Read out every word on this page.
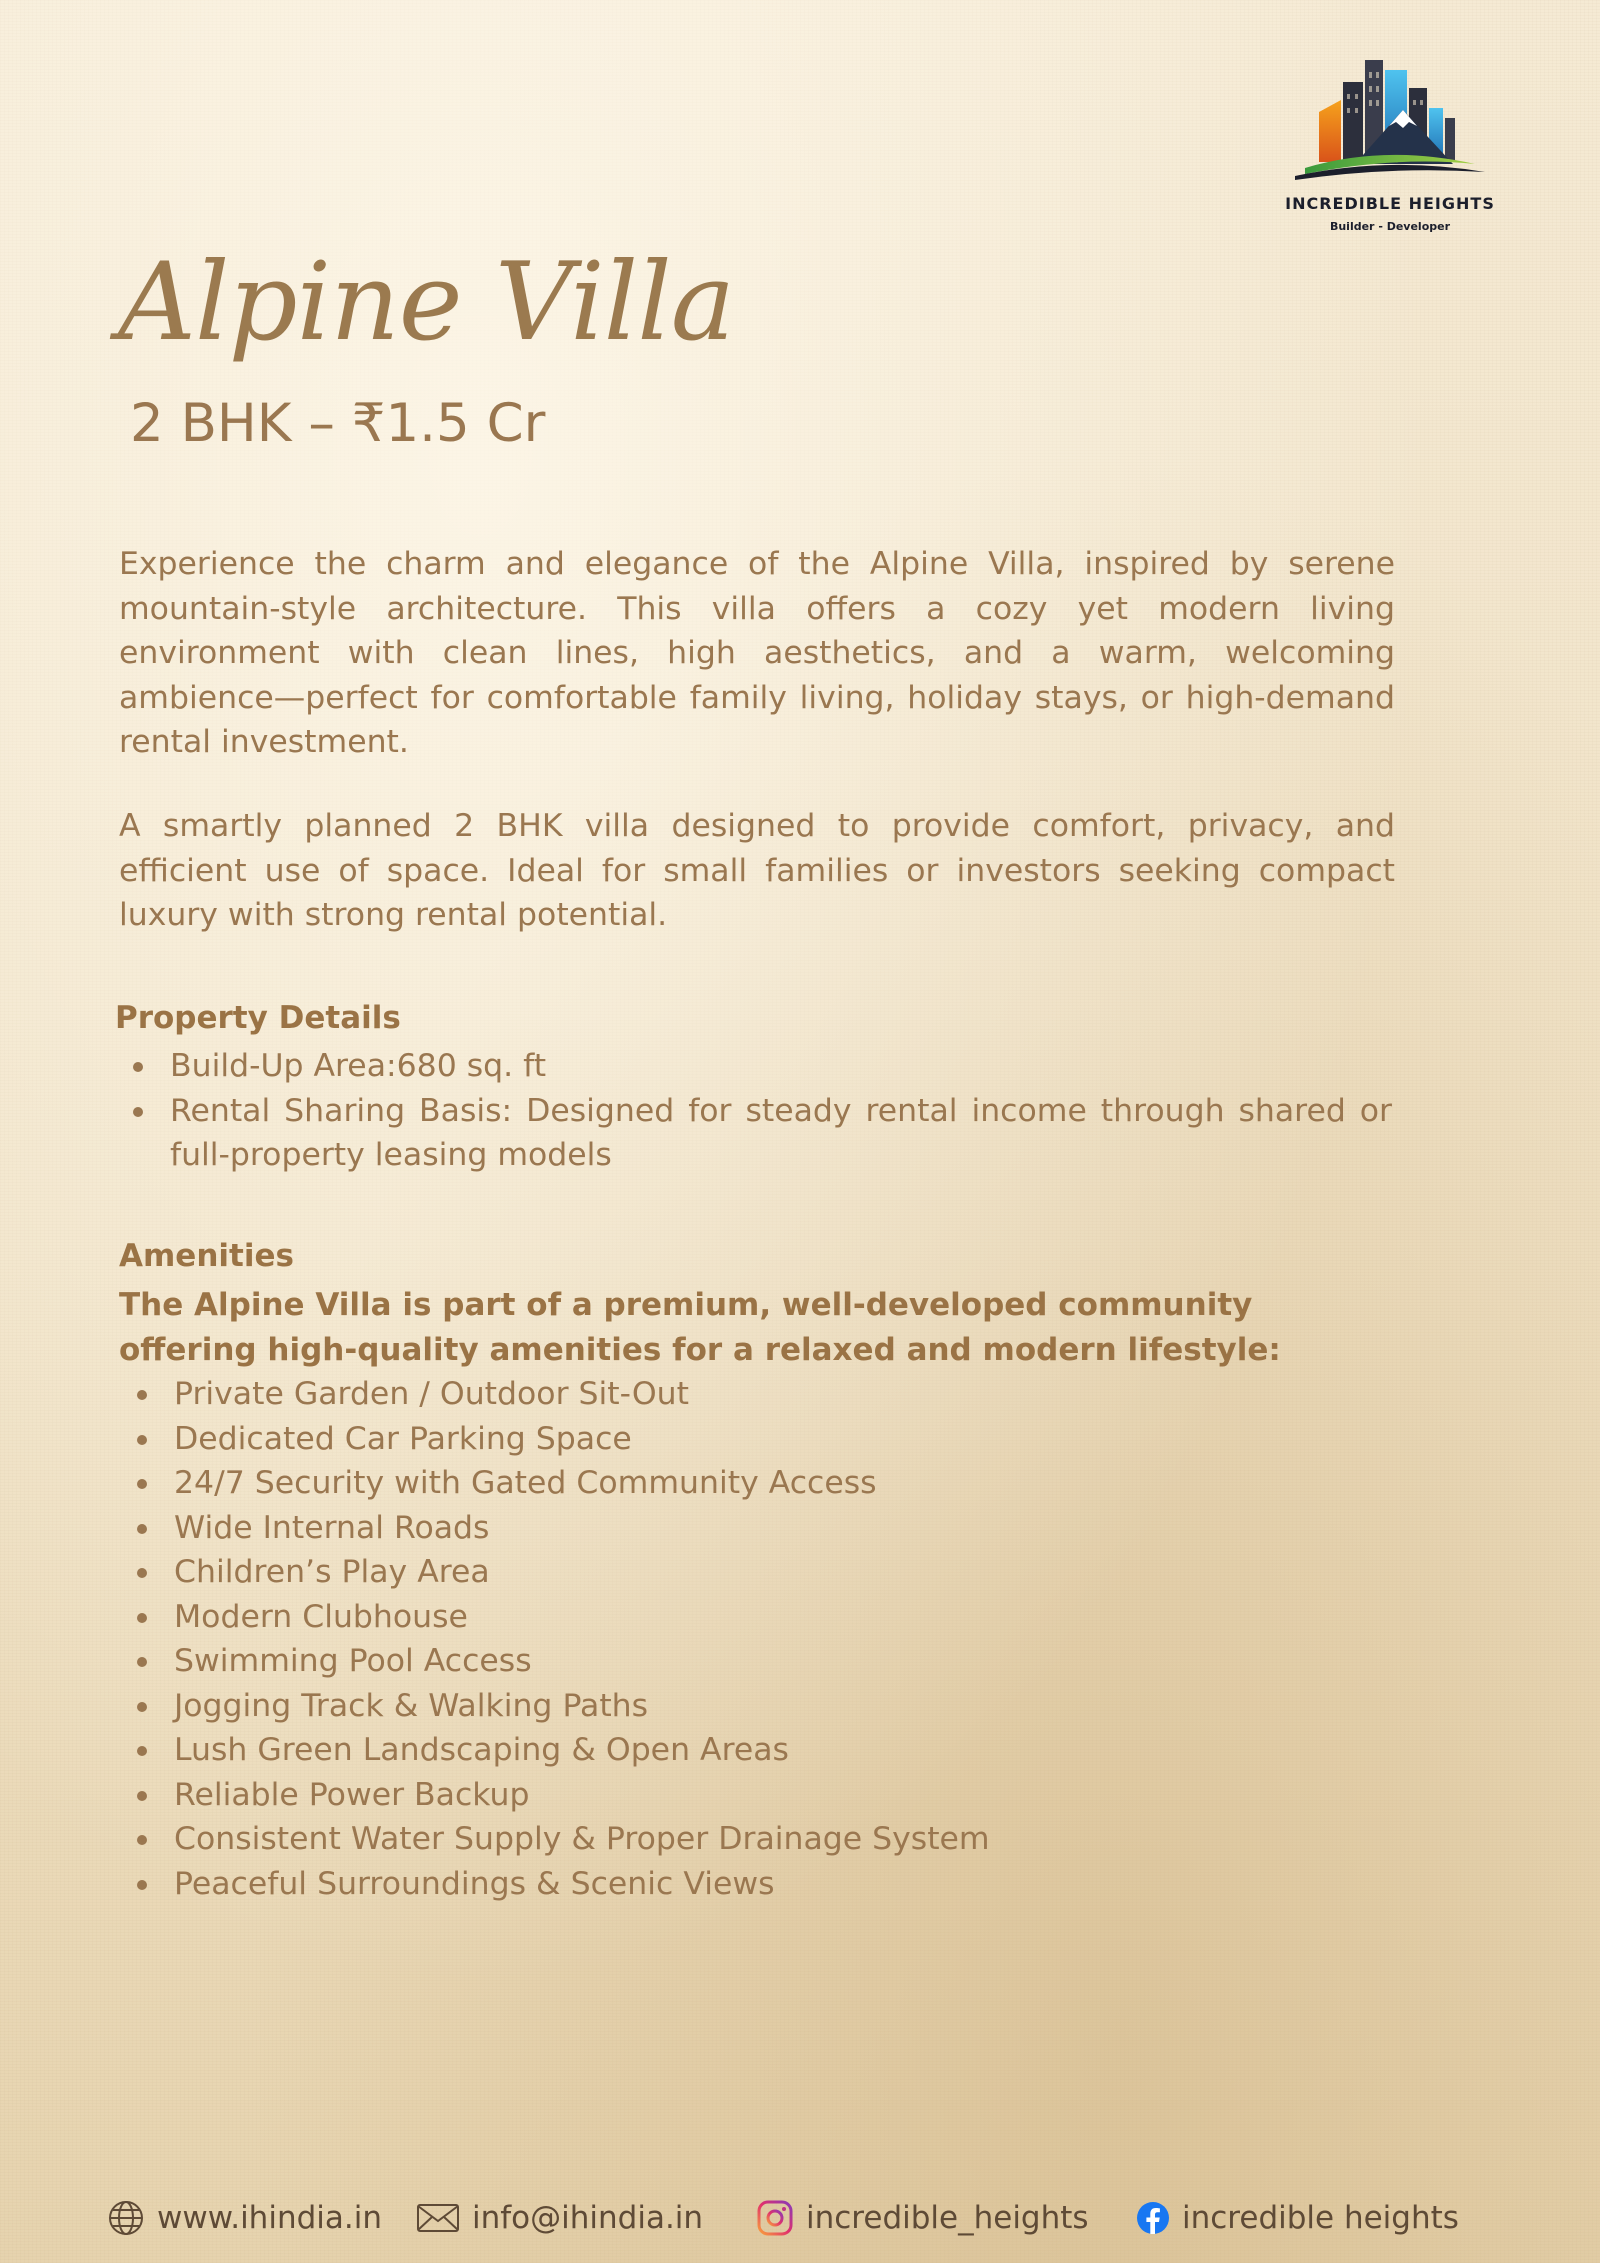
INCREDIBLE HEIGHTS
Builder - Developer
Alpine Villa
2 BHK – ₹1.5 Cr

Experience the charm and elegance of the Alpine Villa, inspired by serene mountain-style architecture. This villa offers a cozy yet modern living environment with clean lines, high aesthetics, and a warm, welcoming ambience—perfect for comfortable family living, holiday stays, or high-demand rental investment.

A smartly planned 2 BHK villa designed to provide comfort, privacy, and efficient use of space. Ideal for small families or investors seeking compact luxury with strong rental potential.

Property Details
Build-Up Area:680 sq. ft
Rental Sharing Basis: Designed for steady rental income through shared or full-property leasing models
Amenities

The Alpine Villa is part of a premium, well-developed community offering high-quality amenities for a relaxed and modern lifestyle:

Private Garden / Outdoor Sit-Out
Dedicated Car Parking Space
24/7 Security with Gated Community Access
Wide Internal Roads
Children’s Play Area
Modern Clubhouse
Swimming Pool Access
Jogging Track & Walking Paths
Lush Green Landscaping & Open Areas
Reliable Power Backup
Consistent Water Supply & Proper Drainage System
Peaceful Surroundings & Scenic Views
www.ihindia.in	info@ihindia.in	incredible_heights	incredible heights
